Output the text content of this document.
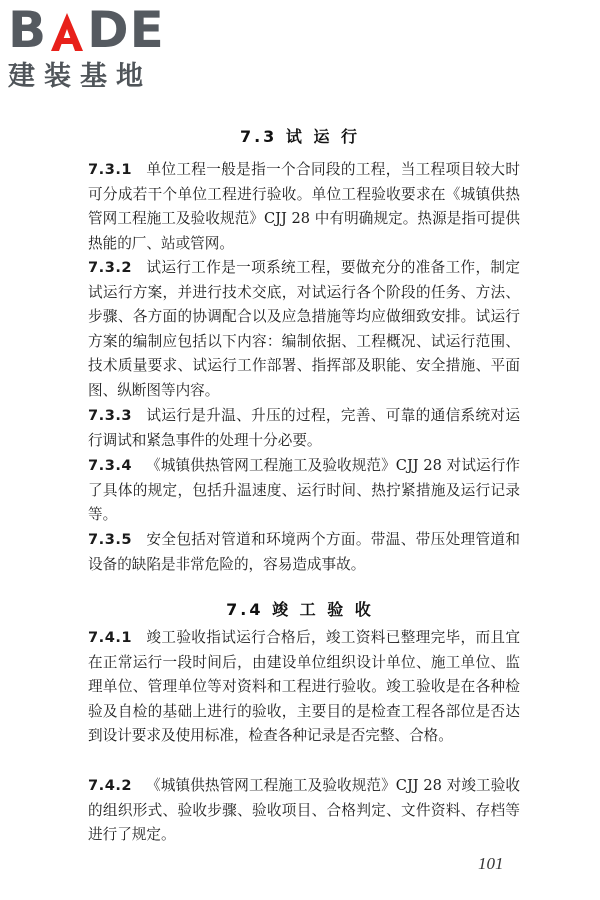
B DE
建装基地
7.3 试 运 行
7.3.1 单位工程一般是指一个合同段的工程，当工程项目较大时可分成若干个单位工程进行验收。单位工程验收要求在《城镇供热管网工程施工及验收规范》CJJ 28 中有明确规定。热源是指可提供热能的厂、站或管网。
7.3.2 试运行工作是一项系统工程，要做充分的准备工作，制定试运行方案，并进行技术交底，对试运行各个阶段的任务、方法、步骤、各方面的协调配合以及应急措施等均应做细致安排。试运行方案的编制应包括以下内容：编制依据、工程概况、试运行范围、技术质量要求、试运行工作部署、指挥部及职能、安全措施、平面图、纵断图等内容。
7.3.3 试运行是升温、升压的过程，完善、可靠的通信系统对运行调试和紧急事件的处理十分必要。
7.3.4 《城镇供热管网工程施工及验收规范》CJJ 28 对试运行作了具体的规定，包括升温速度、运行时间、热拧紧措施及运行记录等。
7.3.5 安全包括对管道和环境两个方面。带温、带压处理管道和设备的缺陷是非常危险的，容易造成事故。
7.4 竣 工 验 收
7.4.1 竣工验收指试运行合格后，竣工资料已整理完毕，而且宜在正常运行一段时间后，由建设单位组织设计单位、施工单位、监理单位、管理单位等对资料和工程进行验收。竣工验收是在各种检验及自检的基础上进行的验收，主要目的是检查工程各部位是否达到设计要求及使用标准，检查各种记录是否完整、合格。
7.4.2 《城镇供热管网工程施工及验收规范》CJJ 28 对竣工验收的组织形式、验收步骤、验收项目、合格判定、文件资料、存档等进行了规定。
101
